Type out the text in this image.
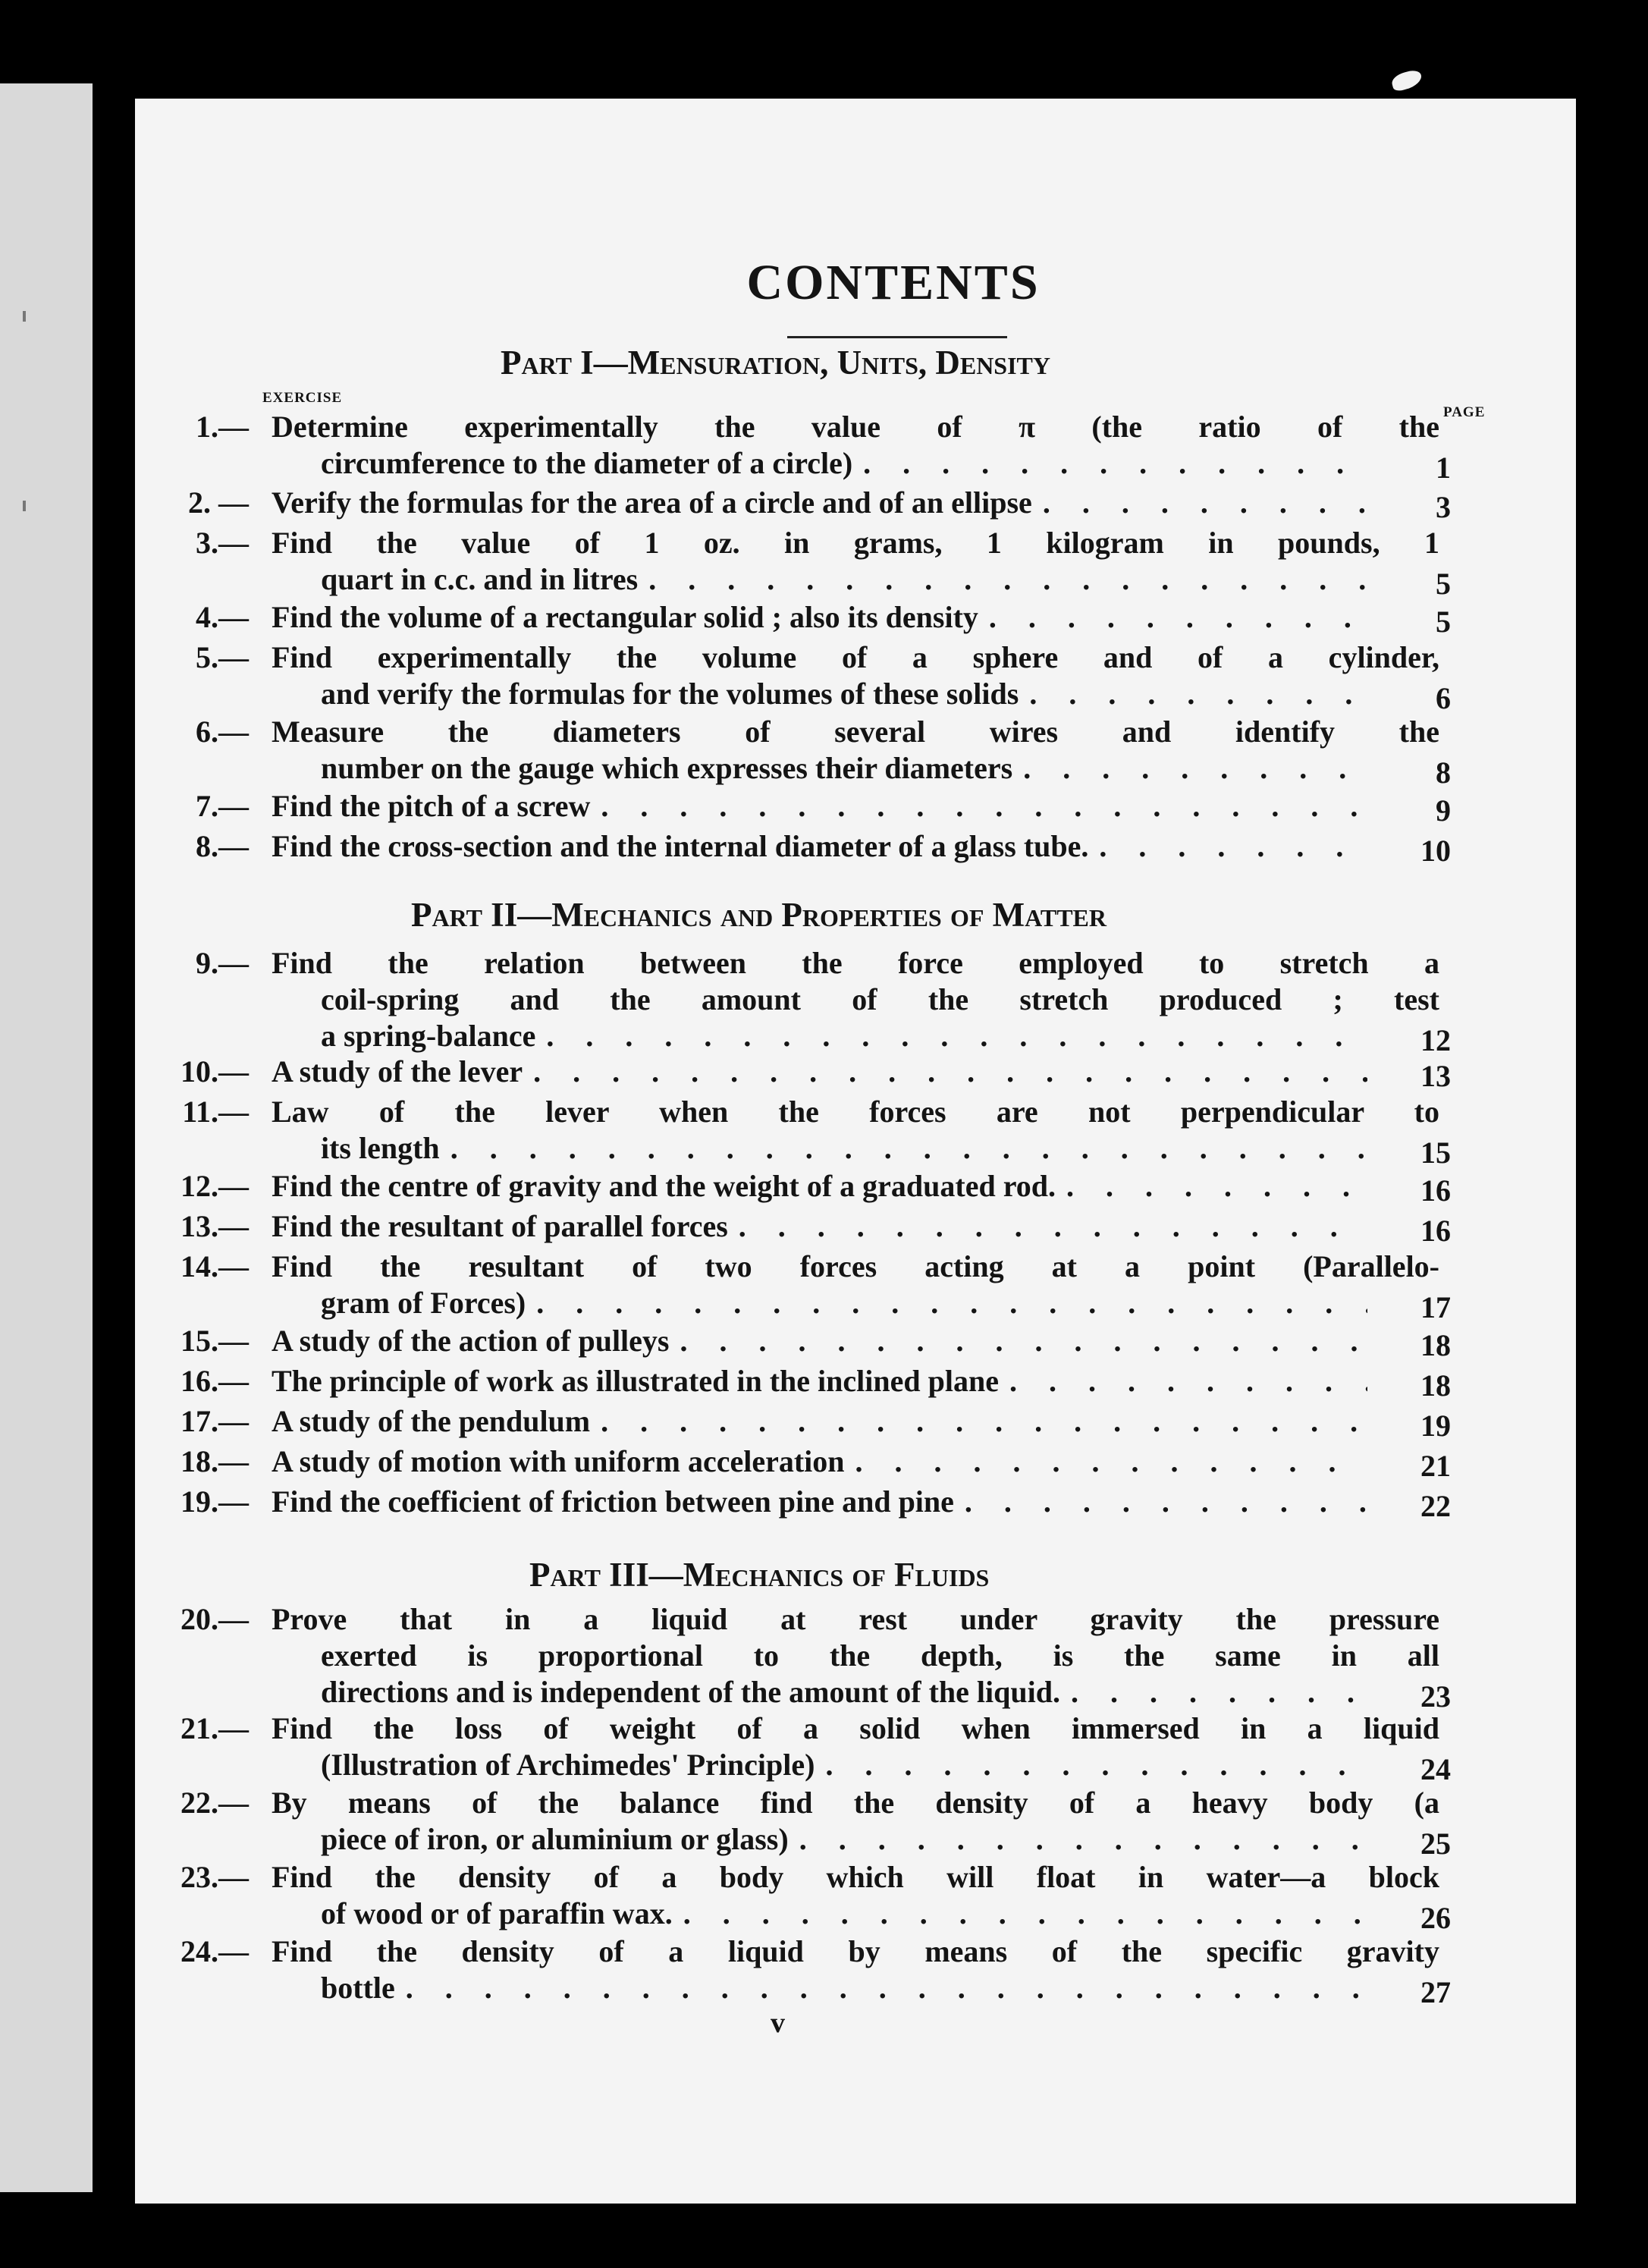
CONTENTS
Part I—Mensuration, Units, Density
EXERCISE
PAGE
Part II—Mechanics and Properties of Matter
Part III—Mechanics of Fluids
1.— Determine experimentally the value of π (the ratio of the
circumference to the diameter of a circle) . . .	1
2. — Verify the formulas for the area of a circle and of an ellipse . . .	3
3.— Find the value of 1 oz. in grams, 1 kilogram in pounds, 1
quart in c.c. and in litres . . .	5
4.— Find the volume of a rectangular solid ; also its density . . .	5
5.— Find experimentally the volume of a sphere and of a cylinder,
and verify the formulas for the volumes of these solids . . .	6
6.— Measure the diameters of several wires and identify the
number on the gauge which expresses their diameters . . .	8
7.— Find the pitch of a screw . . .	9
8.— Find the cross-section and the internal diameter of a glass tube. . . .	10
9.— Find the relation between the force employed to stretch a
coil-spring and the amount of the stretch produced ; test
a spring-balance . . .	12
10.— A study of the lever . . .	13
11.— Law of the lever when the forces are not perpendicular to
its length . . .	15
12.— Find the centre of gravity and the weight of a graduated rod. . . .	16
13.— Find the resultant of parallel forces . . .	16
14.— Find the resultant of two forces acting at a point (Parallelo-
gram of Forces) . . .	17
15.— A study of the action of pulleys . . .	18
16.— The principle of work as illustrated in the inclined plane . . .	18
17.— A study of the pendulum . . .	19
18.— A study of motion with uniform acceleration . . .	21
19.— Find the coefficient of friction between pine and pine . . .	22
20.— Prove that in a liquid at rest under gravity the pressure
exerted is proportional to the depth, is the same in all
directions and is independent of the amount of the liquid. . . .	23
21.— Find the loss of weight of a solid when immersed in a liquid
(Illustration of Archimedes' Principle) . . .	24
22.— By means of the balance find the density of a heavy body (a
piece of iron, or aluminium or glass) . . .	25
23.— Find the density of a body which will float in water—a block
of wood or of paraffin wax. . . .	26
24.— Find the density of a liquid by means of the specific gravity
bottle . . .	27
v
